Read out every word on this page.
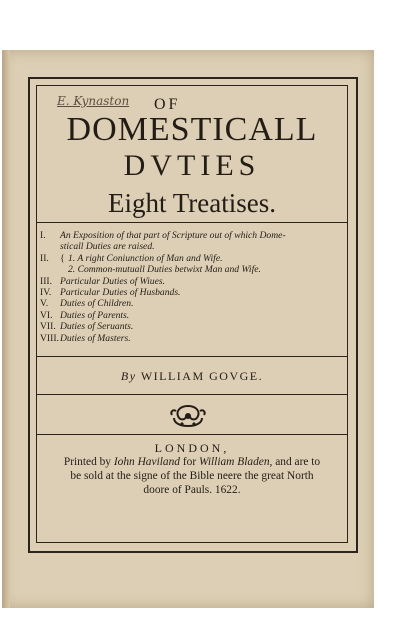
E. Kynaston OF
DOMESTICALL
DVTIES
Eight Treatises.
I.	An Exposition of that part of Scripture out of which Dome-
sticall Duties are raised.
II.	{ 1. A right Coniunction of Man and Wife.
2. Common-mutuall Duties betwixt Man and Wife.
III. Particular Duties of Wiues.
IV. Particular Duties of Husbands.
V.	Duties of Children.
VI. Duties of Parents.
VII. Duties of Seruants.
VIII. Duties of Masters.
By WILLIAM GOVGE.
LONDON,
Printed by Iohn Haviland for William Bladen, and are to
be sold at the signe of the Bible neere the great North
doore of Pauls. 1622.
